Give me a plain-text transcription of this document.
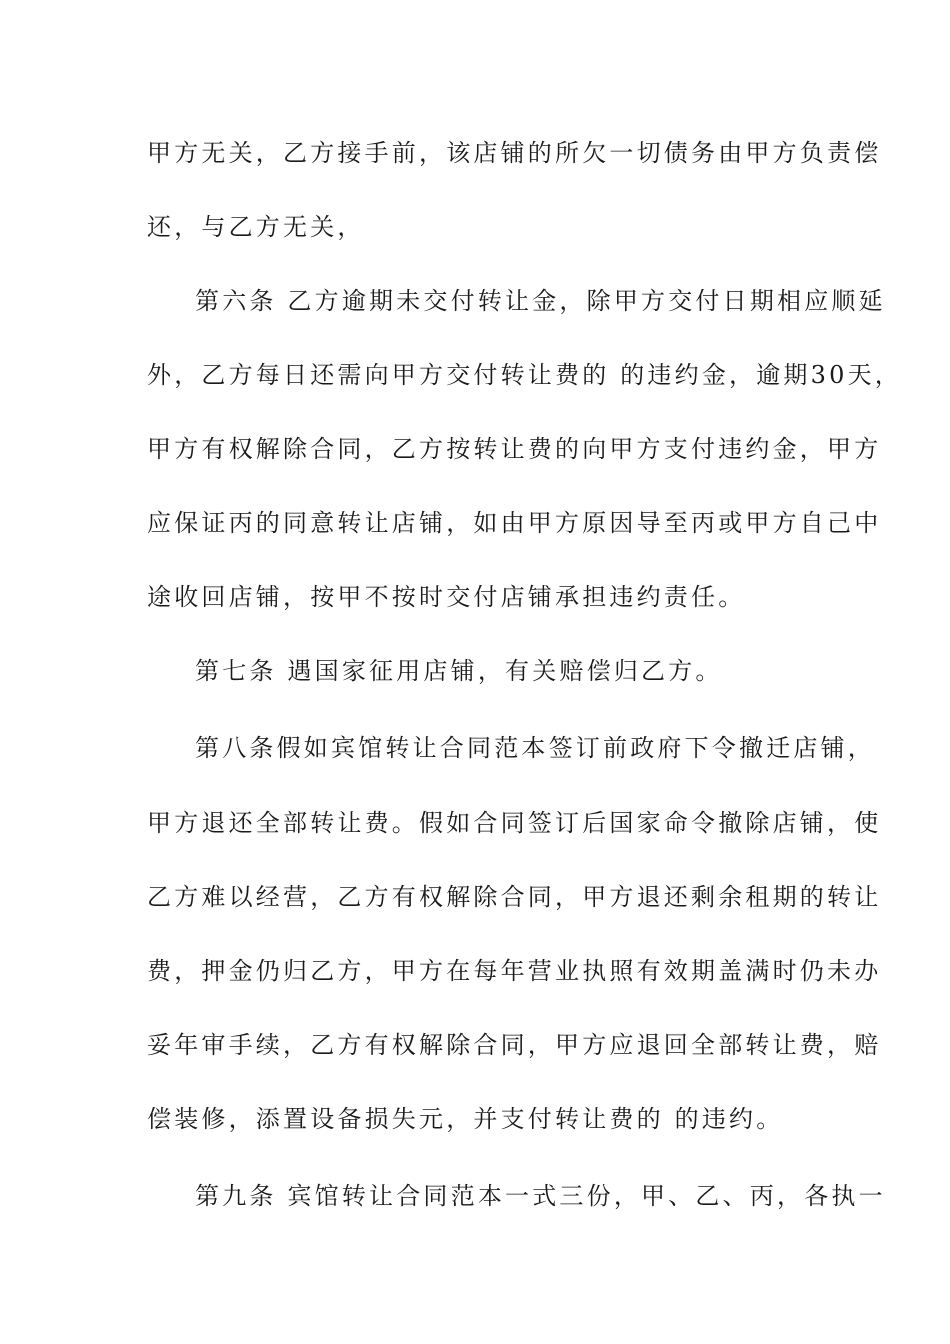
甲方无关，乙方接手前，该店铺的所欠一切债务由甲方负责偿
还，与乙方无关，
第六条 乙方逾期未交付转让金，除甲方交付日期相应顺延
外，乙方每日还需向甲方交付转让费的 的违约金，逾期30天，
甲方有权解除合同，乙方按转让费的向甲方支付违约金，甲方
应保证丙的同意转让店铺，如由甲方原因导至丙或甲方自己中
途收回店铺，按甲不按时交付店铺承担违约责任。
第七条 遇国家征用店铺，有关赔偿归乙方。
第八条假如宾馆转让合同范本签订前政府下令撤迁店铺，
甲方退还全部转让费。假如合同签订后国家命令撤除店铺，使
乙方难以经营，乙方有权解除合同，甲方退还剩余租期的转让
费，押金仍归乙方，甲方在每年营业执照有效期盖满时仍未办
妥年审手续，乙方有权解除合同，甲方应退回全部转让费，赔
偿装修，添置设备损失元，并支付转让费的 的违约。
第九条 宾馆转让合同范本一式三份，甲、乙、丙，各执一
